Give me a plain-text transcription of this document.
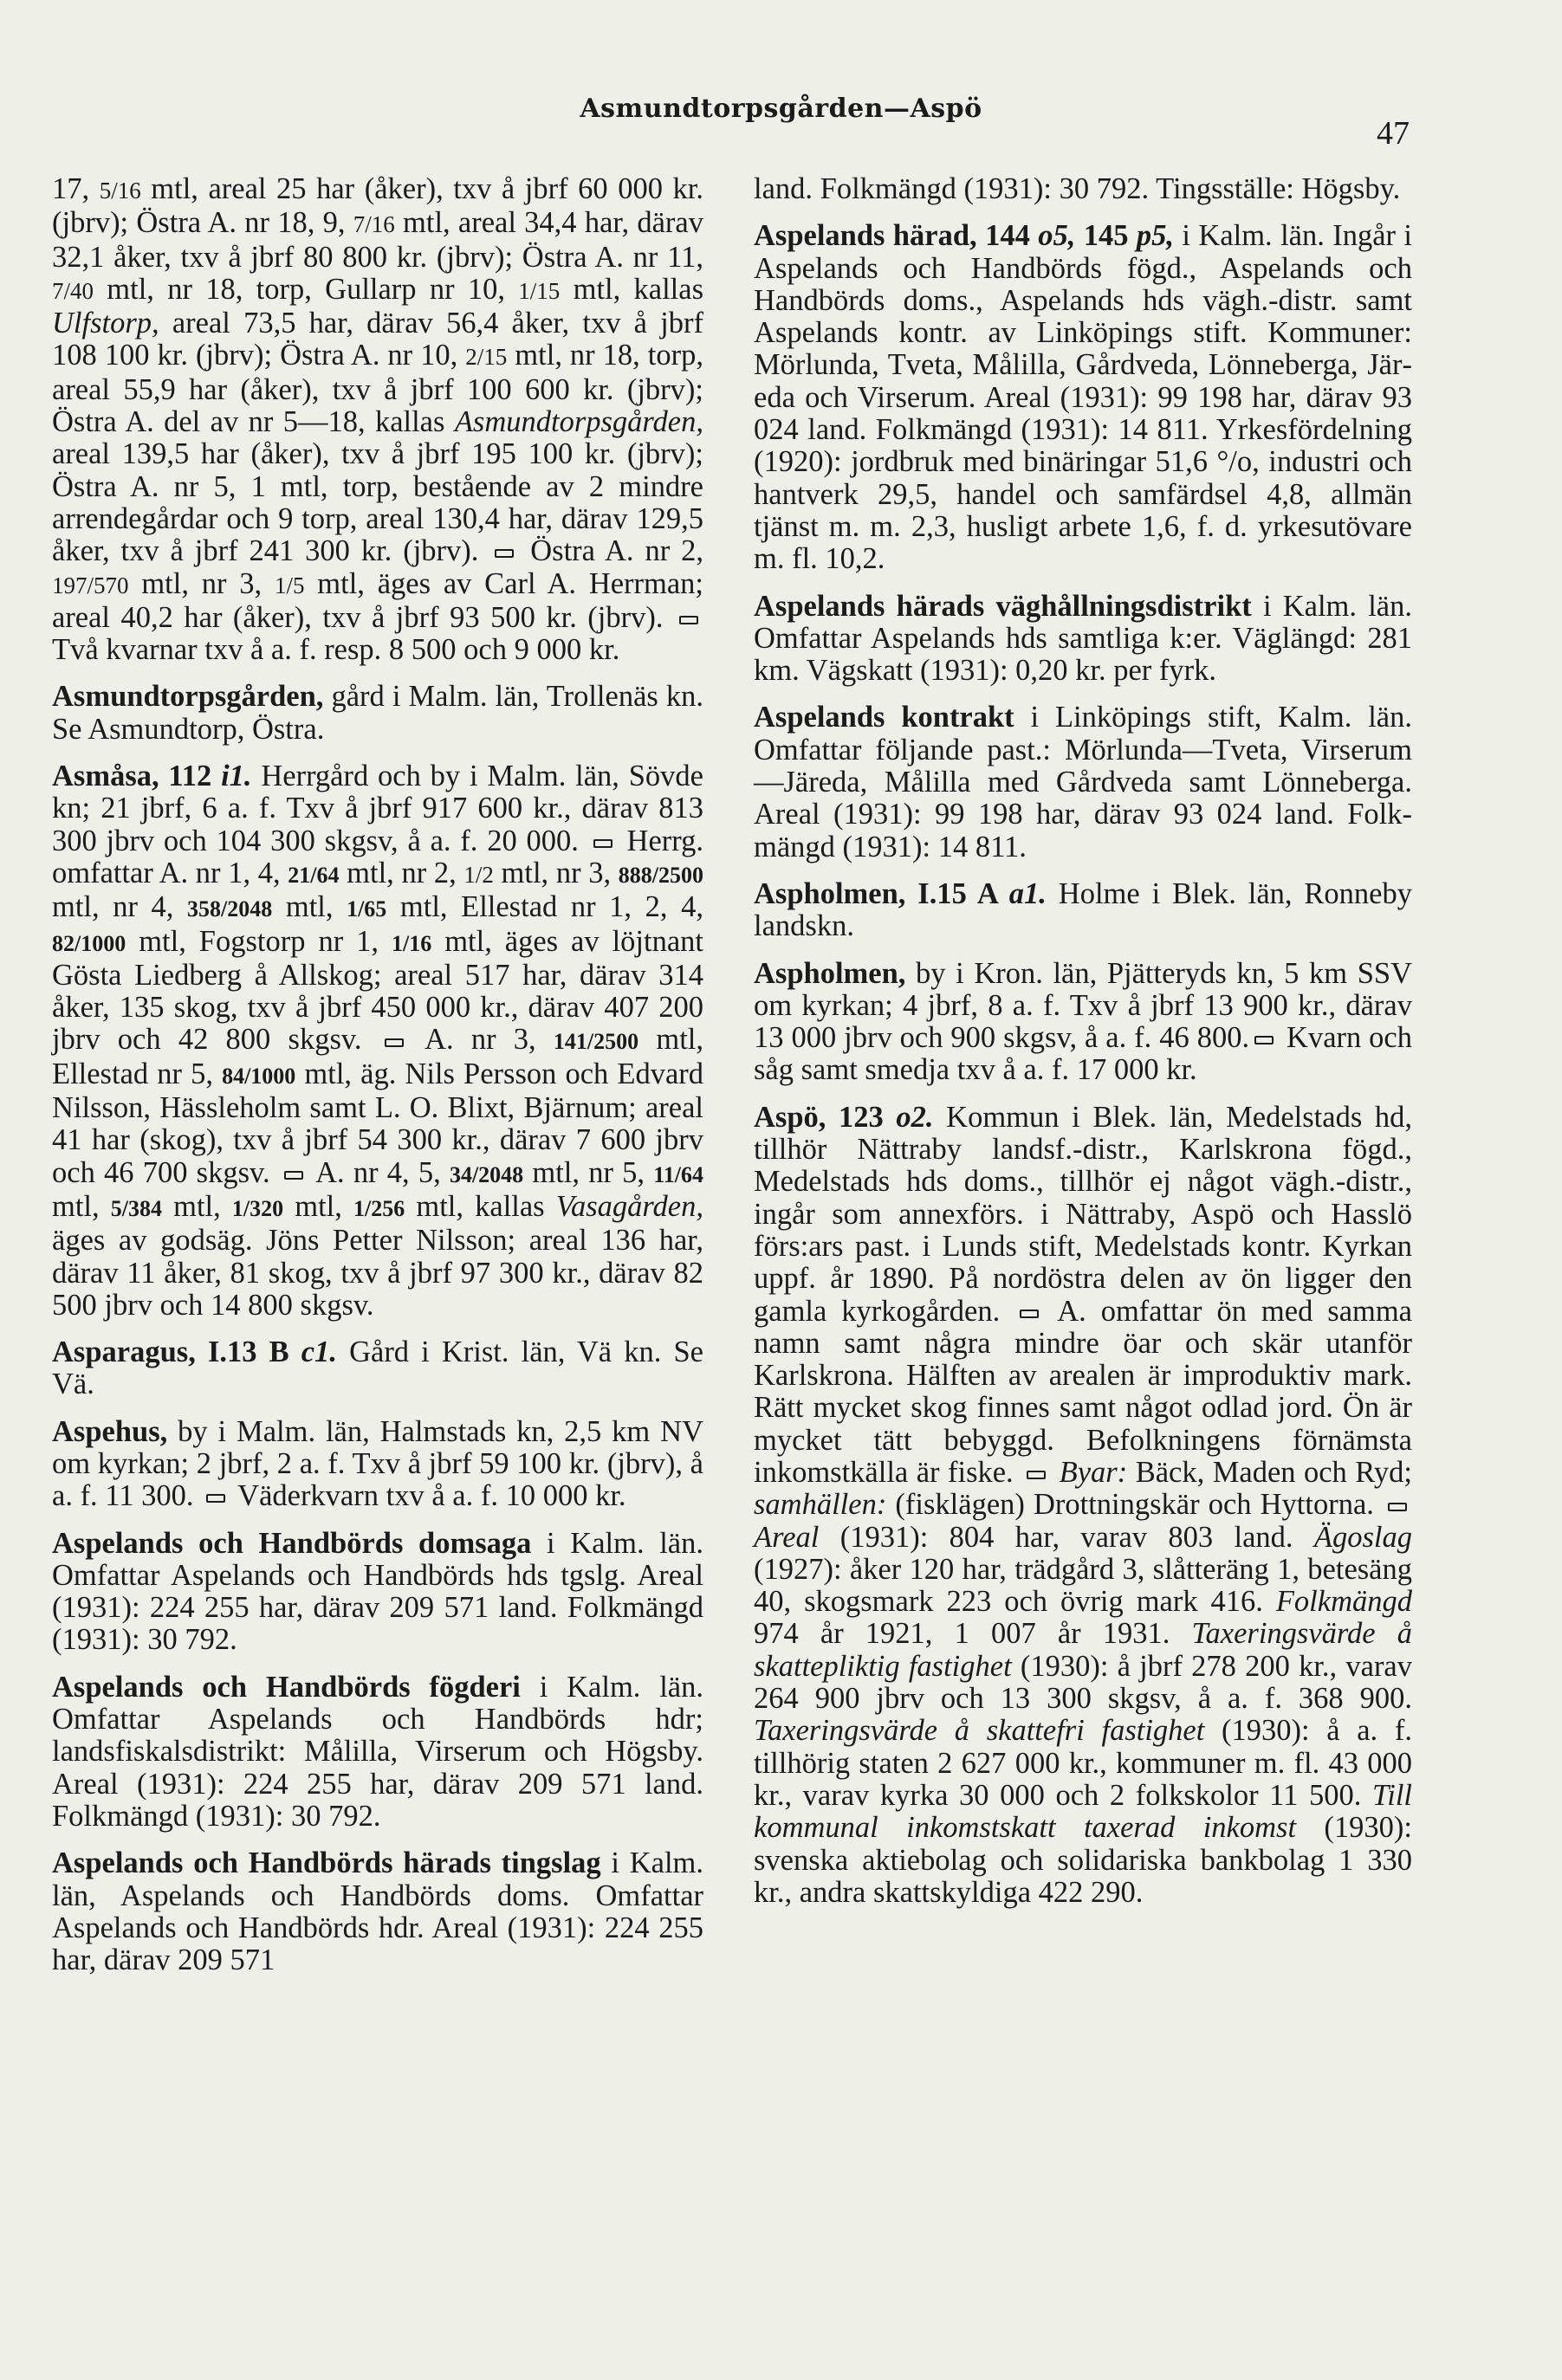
Asmundtorpsgården—Aspö
47

17, 5/16 mtl, areal 25 har (åker), txv å jbrf 60 000 kr. (jbrv); Östra A. nr 18, 9, 7/16 mtl, areal 34,4 har, därav 32,1 åker, txv å jbrf 80 800 kr. (jbrv); Östra A. nr 11, 7/40 mtl, nr 18, torp, Gullarp nr 10, 1/15 mtl, kallas Ulfstorp, areal 73,5 har, därav 56,4 åker, txv å jbrf 108 100 kr. (jbrv); Östra A. nr 10, 2/15 mtl, nr 18, torp, areal 55,9 har (åker), txv å jbrf 100 600 kr. (jbrv); Östra A. del av nr 5—18, kallas Asmundtorpsgården, areal 139,5 har (åker), txv å jbrf 195 100 kr. (jbrv); Östra A. nr 5, 1 mtl, torp, bestående av 2 mindre arrendegårdar och 9 torp, areal 130,4 har, därav 129,5 åker, txv å jbrf 241 300 kr. (jbrv).  Östra A. nr 2, 197/570 mtl, nr 3, 1/5 mtl, äges av Carl A. Herrman; areal 40,2 har (åker), txv å jbrf 93 500 kr. (jbrv).  Två kvarnar txv å a. f. resp. 8 500 och 9 000 kr.

Asmundtorpsgården, gård i Malm. län, Trollenäs kn. Se Asmundtorp, Östra.

Asmåsa, 112 i1. Herrgård och by i Malm. län, Sövde kn; 21 jbrf, 6 a. f. Txv å jbrf 917 600 kr., därav 813 300 jbrv och 104 300 skgsv, å a. f. 20 000.  Herrg. omfattar A. nr 1, 4, 21/64 mtl, nr 2, 1/2 mtl, nr 3, 888/2500 mtl, nr 4, 358/2048 mtl, 1/65 mtl, Ellestad nr 1, 2, 4, 82/1000 mtl, Fogstorp nr 1, 1/16 mtl, äges av löjtnant Gösta Liedberg å Allskog; areal 517 har, därav 314 åker, 135 skog, txv å jbrf 450 000 kr., därav 407 200 jbrv och 42 800 skgsv.  A. nr 3, 141/2500 mtl, Ellestad nr 5, 84/1000 mtl, äg. Nils Persson och Edvard Nilsson, Hässleholm samt L. O. Blixt, Bjärnum; areal 41 har (skog), txv å jbrf 54 300 kr., därav 7 600 jbrv och 46 700 skgsv.  A. nr 4, 5, 34/2048 mtl, nr 5, 11/64 mtl, 5/384 mtl, 1/320 mtl, 1/256 mtl, kallas Vasagården, äges av godsäg. Jöns Petter Nilsson; areal 136 har, därav 11 åker, 81 skog, txv å jbrf 97 300 kr., därav 82 500 jbrv och 14 800 skgsv.

Asparagus, I.13 B c1. Gård i Krist. län, Vä kn. Se Vä.

Aspehus, by i Malm. län, Halmstads kn, 2,5 km NV om kyrkan; 2 jbrf, 2 a. f. Txv å jbrf 59 100 kr. (jbrv), å a. f. 11 300.  Väderkvarn txv å a. f. 10 000 kr.

Aspelands och Handbörds domsaga i Kalm. län. Omfattar Aspelands och Handbörds hds tgslg. Areal (1931): 224 255 har, därav 209 571 land. Folkmängd (1931): 30 792.

Aspelands och Handbörds fögderi i Kalm. län. Omfattar Aspelands och Handbörds hdr; landsfiskalsdistrikt: Målilla, Virserum och Högsby. Areal (1931): 224 255 har, därav 209 571 land. Folkmängd (1931): 30 792.

Aspelands och Handbörds härads tingslag i Kalm. län, Aspelands och Handbörds doms. Omfattar Aspelands och Handbörds hdr. Areal (1931): 224 255 har, därav 209 571

land. Folkmängd (1931): 30 792. Tingsställe: Högsby.

Aspelands härad, 144 o5, 145 p5, i Kalm. län. Ingår i Aspelands och Handbörds fögd., Aspelands och Handbörds doms., Aspelands hds vägh.-distr. samt Aspelands kontr. av Linköpings stift. Kommuner: Mörlunda, Tveta, Målilla, Gårdveda, Lönneberga, Järeda och Virserum. Areal (1931): 99 198 har, därav 93 024 land. Folkmängd (1931): 14 811. Yrkesfördelning (1920): jordbruk med binäringar 51,6 °/o, industri och hantverk 29,5, handel och samfärdsel 4,8, allmän tjänst m. m. 2,3, husligt arbete 1,6, f. d. yrkesutövare m. fl. 10,2.

Aspelands härads väghållningsdistrikt i Kalm. län. Omfattar Aspelands hds samtliga k:er. Väglängd: 281 km. Vägskatt (1931): 0,20 kr. per fyrk.

Aspelands kontrakt i Linköpings stift, Kalm. län. Omfattar följande past.: Mörlunda—Tveta, Virserum—Järeda, Målilla med Gårdveda samt Lönneberga. Areal (1931): 99 198 har, därav 93 024 land. Folkmängd (1931): 14 811.

Aspholmen, I.15 A a1. Holme i Blek. län, Ronneby landskn.

Aspholmen, by i Kron. län, Pjätteryds kn, 5 km SSV om kyrkan; 4 jbrf, 8 a. f. Txv å jbrf 13 900 kr., därav 13 000 jbrv och 900 skgsv, å a. f. 46 800. Kvarn och såg samt smedja txv å a. f. 17 000 kr.

Aspö, 123 o2. Kommun i Blek. län, Medelstads hd, tillhör Nättraby landsf.-distr., Karlskrona fögd., Medelstads hds doms., tillhör ej något vägh.-distr., ingår som annexförs. i Nättraby, Aspö och Hasslö förs:ars past. i Lunds stift, Medelstads kontr. Kyrkan uppf. år 1890. På nordöstra delen av ön ligger den gamla kyrkogården.  A. omfattar ön med samma namn samt några mindre öar och skär utanför Karlskrona. Hälften av arealen är improduktiv mark. Rätt mycket skog finnes samt något odlad jord. Ön är mycket tätt bebyggd. Befolkningens förnämsta inkomstkälla är fiske.  Byar: Bäck, Maden och Ryd; samhällen: (fisklägen) Drottningskär och Hyttorna.  Areal (1931): 804 har, varav 803 land. Ägoslag (1927): åker 120 har, trädgård 3, slåtteräng 1, betesäng 40, skogsmark 223 och övrig mark 416. Folkmängd 974 år 1921, 1 007 år 1931. Taxeringsvärde å skattepliktig fastighet (1930): å jbrf 278 200 kr., varav 264 900 jbrv och 13 300 skgsv, å a. f. 368 900. Taxeringsvärde å skattefri fastighet (1930): å a. f. tillhörig staten 2 627 000 kr., kommuner m. fl. 43 000 kr., varav kyrka 30 000 och 2 folkskolor 11 500. Till kommunal inkomstskatt taxerad inkomst (1930): svenska aktiebolag och solidariska bankbolag 1 330 kr., andra skattskyldiga 422 290.
